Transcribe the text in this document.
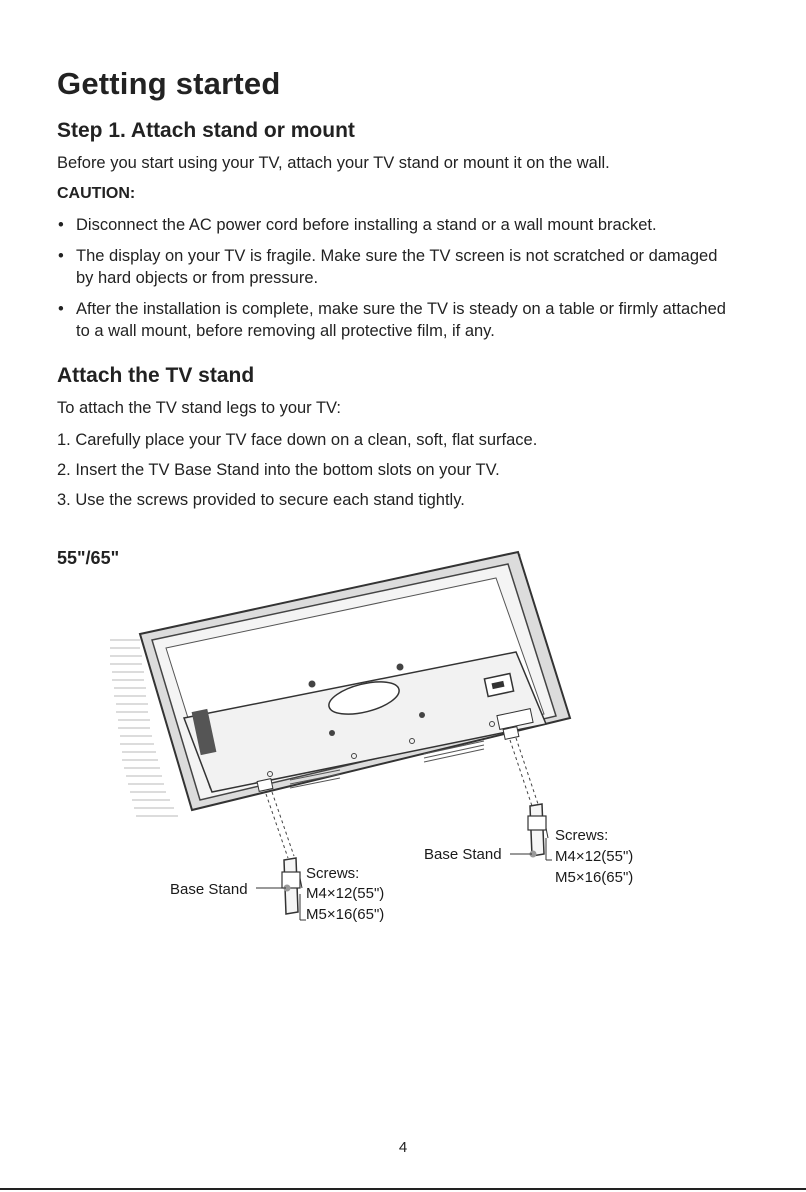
Getting started
Step 1. Attach stand or mount

Before you start using your TV, attach your TV stand or mount it on the wall.

CAUTION:

• Disconnect the AC power cord before installing a stand or a wall mount bracket.
• The display on your TV is fragile. Make sure the TV screen is not scratched or damaged by hard objects or from pressure.
• After the installation is complete, make sure the TV is steady on a table or firmly attached to a wall mount, before removing all protective film, if any.
Attach the TV stand

To attach the TV stand legs to your TV:

1. Carefully place your TV face down on a clean, soft, flat surface.
2. Insert the TV Base Stand into the bottom slots on your TV.
3. Use the screws provided to secure each stand tightly.

55"/65"

Base Stand
Screws:
M4×12(55")
M5×16(65")
Base Stand
Screws:
M4×12(55")
M5×16(65")
4
